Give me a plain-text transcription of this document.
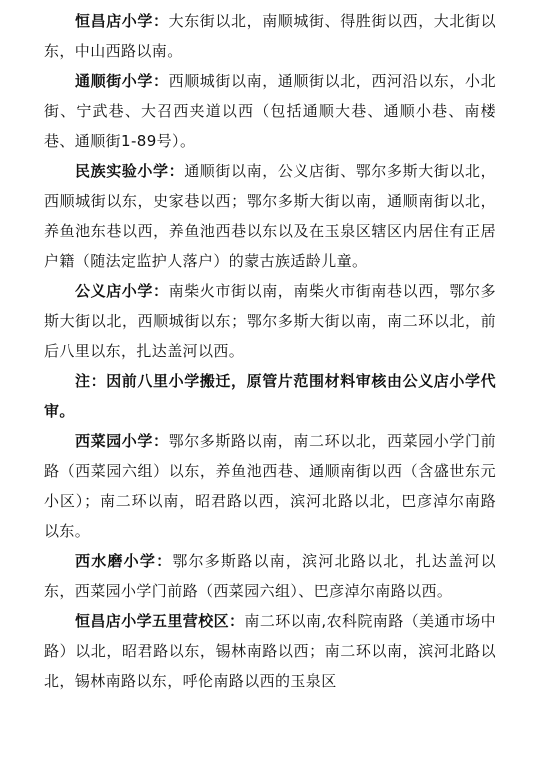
恒昌店小学：大东街以北，南顺城街、得胜街以西，大北街以东，中山西路以南。

通顺街小学：西顺城街以南，通顺街以北，西河沿以东，小北街、宁武巷、大召西夹道以西（包括通顺大巷、通顺小巷、南楼巷、通顺街1-89号）。

民族实验小学：通顺街以南，公义店街、鄂尔多斯大街以北，西顺城街以东，史家巷以西；鄂尔多斯大街以南，通顺南街以北，养鱼池东巷以西，养鱼池西巷以东以及在玉泉区辖区内居住有正居户籍（随法定监护人落户）的蒙古族适龄儿童。

公义店小学：南柴火市街以南，南柴火市街南巷以西，鄂尔多斯大街以北，西顺城街以东；鄂尔多斯大街以南，南二环以北，前后八里以东，扎达盖河以西。

注：因前八里小学搬迁，原管片范围材料审核由公义店小学代审。

西菜园小学：鄂尔多斯路以南，南二环以北，西菜园小学门前路（西菜园六组）以东，养鱼池西巷、通顺南街以西（含盛世东元小区）；南二环以南，昭君路以西，滨河北路以北，巴彦淖尔南路以东。

西水磨小学：鄂尔多斯路以南，滨河北路以北，扎达盖河以东，西菜园小学门前路（西菜园六组）、巴彦淖尔南路以西。

恒昌店小学五里营校区：南二环以南,农科院南路（美通市场中路）以北，昭君路以东，锡林南路以西；南二环以南，滨河北路以北，锡林南路以东，呼伦南路以西的玉泉区
